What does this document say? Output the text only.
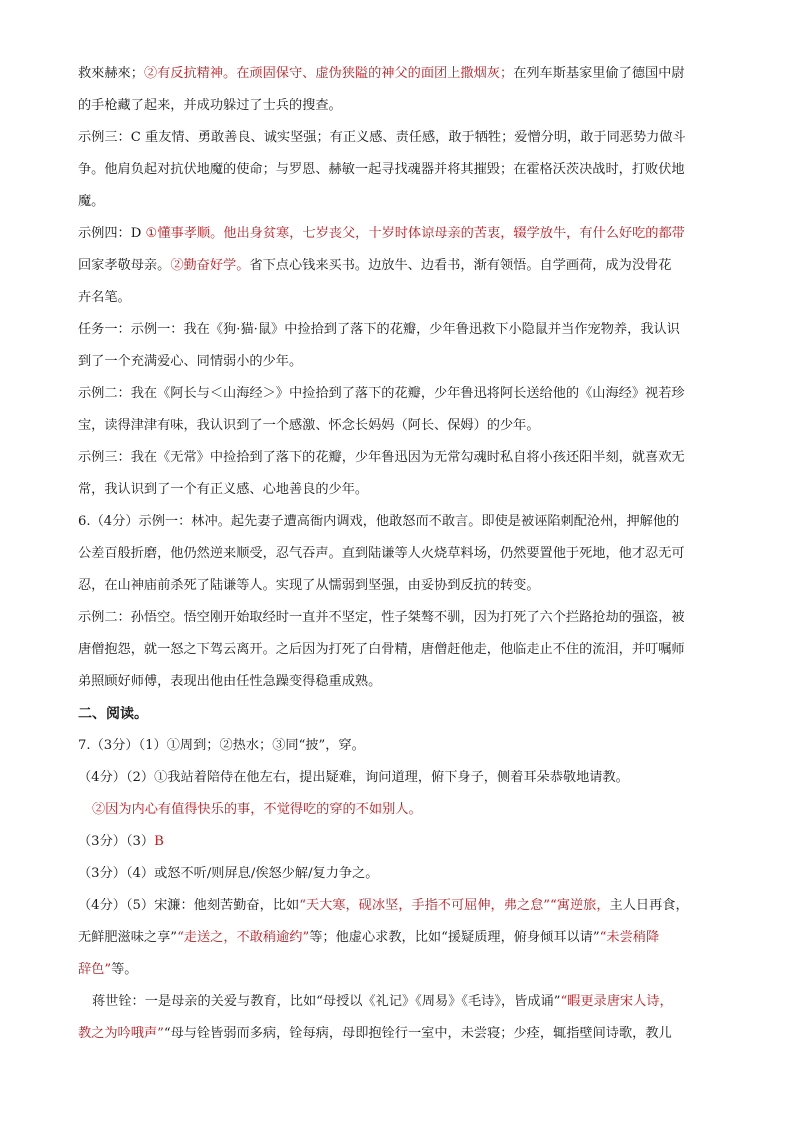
救來赫來；②有反抗精神。在顽固保守、虚伪狭隘的神父的面团上撒烟灰；在列车斯基家里偷了德国中尉
的手枪藏了起来，并成功躲过了士兵的搜查。
示例三：C 重友情、勇敢善良、诚实坚强；有正义感、责任感，敢于牺牲；爱憎分明，敢于同恶势力做斗
争。他肩负起对抗伏地魔的使命；与罗恩、赫敏一起寻找魂器并将其摧毁；在霍格沃茨决战时，打败伏地
魔。
示例四：D ①懂事孝顺。他出身贫寒，七岁丧父，十岁时体谅母亲的苦衷，辍学放牛，有什么好吃的都带
回家孝敬母亲。②勤奋好学。省下点心钱来买书。边放牛、边看书，渐有领悟。自学画荷，成为没骨花
卉名笔。
任务一：示例一：我在《狗·猫·鼠》中捡拾到了落下的花瓣，少年鲁迅救下小隐鼠并当作宠物养，我认识
到了一个充满爱心、同情弱小的少年。
示例二：我在《阿长与＜山海经＞》中捡拾到了落下的花瓣，少年鲁迅将阿长送给他的《山海经》视若珍
宝，读得津津有味，我认识到了一个感激、怀念长妈妈（阿长、保姆）的少年。
示例三：我在《无常》中捡拾到了落下的花瓣，少年鲁迅因为无常勾魂时私自将小孩还阳半刻，就喜欢无
常，我认识到了一个有正义感、心地善良的少年。
6.（4分）示例一：林冲。起先妻子遭高衙内调戏，他敢怒而不敢言。即使是被诬陷刺配沧州，押解他的
公差百般折磨，他仍然逆来顺受，忍气吞声。直到陆谦等人火烧草料场，仍然要置他于死地，他才忍无可
忍，在山神庙前杀死了陆谦等人。实现了从懦弱到坚强，由妥协到反抗的转变。
示例二：孙悟空。悟空刚开始取经时一直并不坚定，性子桀骜不驯，因为打死了六个拦路抢劫的强盗，被
唐僧抱怨，就一怒之下驾云离开。之后因为打死了白骨精，唐僧赶他走，他临走止不住的流泪，并叮嘱师
弟照顾好师傅，表现出他由任性急躁变得稳重成熟。
二、阅读。
7.（3分）（1）①周到；②热水；③同“披”，穿。
（4分）（2）①我站着陪侍在他左右，提出疑难，询问道理，俯下身子，侧着耳朵恭敬地请教。
②因为内心有值得快乐的事，不觉得吃的穿的不如别人。
（3分）（3）B
（3分）（4）或怒不听/则屏息/俟怒少解/复力争之。
（4分）（5）宋濂：他刻苦勤奋，比如“天大寒，砚冰坚，手指不可屈伸，弗之怠”“寓逆旅，主人日再食，
无鲜肥滋味之享”“走送之，不敢稍逾约”等；他虚心求教，比如“援疑质理，俯身倾耳以请”“未尝稍降
辞色”等。
蒋世铨：一是母亲的关爱与教育，比如“母授以《礼记》《周易》《毛诗》，皆成诵”“暇更录唐宋人诗，
教之为吟哦声”“母与铨皆弱而多病，铨每病，母即抱铨行一室中，未尝寝；少痊，辄指壁间诗歌，教儿
